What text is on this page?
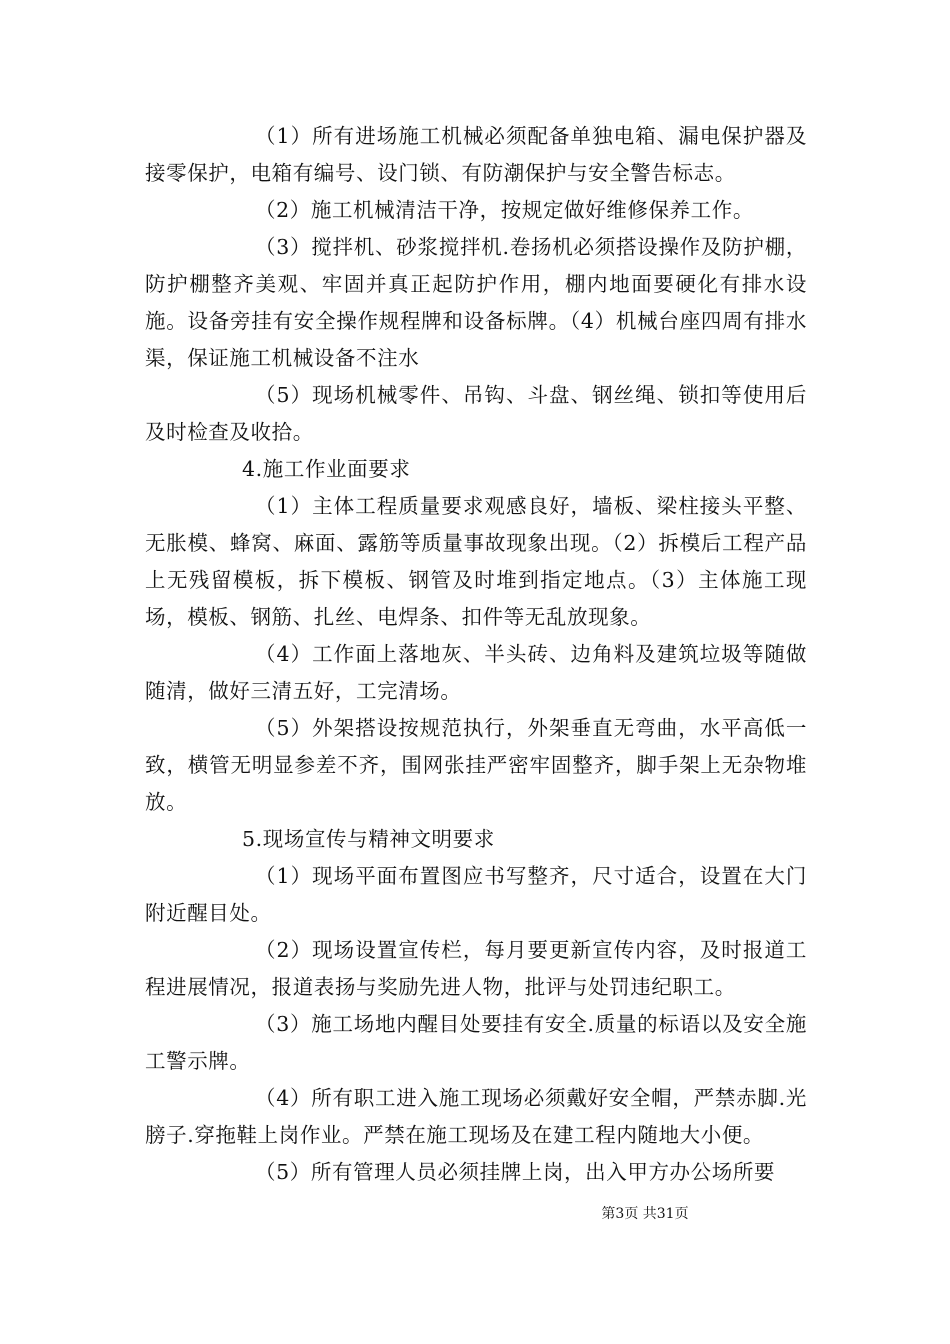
（1）所有进场施工机械必须配备单独电箱、漏电保护器及接零保护，电箱有编号、设门锁、有防潮保护与安全警告标志。

（2）施工机械清洁干净，按规定做好维修保养工作。

（3）搅拌机、砂浆搅拌机.卷扬机必须搭设操作及防护棚，防护棚整齐美观、牢固并真正起防护作用，棚内地面要硬化有排水设施。设备旁挂有安全操作规程牌和设备标牌。（4）机械台座四周有排水渠，保证施工机械设备不注水

（5）现场机械零件、吊钩、斗盘、钢丝绳、锁扣等使用后及时检查及收拾。

4.施工作业面要求

（1）主体工程质量要求观感良好，墙板、梁柱接头平整、无胀模、蜂窝、麻面、露筋等质量事故现象出现。（2）拆模后工程产品上无残留模板，拆下模板、钢管及时堆到指定地点。（3）主体施工现场，模板、钢筋、扎丝、电焊条、扣件等无乱放现象。

（4）工作面上落地灰、半头砖、边角料及建筑垃圾等随做随清，做好三清五好，工完清场。

（5）外架搭设按规范执行，外架垂直无弯曲，水平高低一致，横管无明显参差不齐，围网张挂严密牢固整齐，脚手架上无杂物堆放。

5.现场宣传与精神文明要求

（1）现场平面布置图应书写整齐，尺寸适合，设置在大门附近醒目处。

（2）现场设置宣传栏，每月要更新宣传内容，及时报道工程进展情况，报道表扬与奖励先进人物，批评与处罚违纪职工。

（3）施工场地内醒目处要挂有安全.质量的标语以及安全施工警示牌。

（4）所有职工进入施工现场必须戴好安全帽，严禁赤脚.光膀子.穿拖鞋上岗作业。严禁在施工现场及在建工程内随地大小便。

（5）所有管理人员必须挂牌上岗，出入甲方办公场所要

第3页 共31页
